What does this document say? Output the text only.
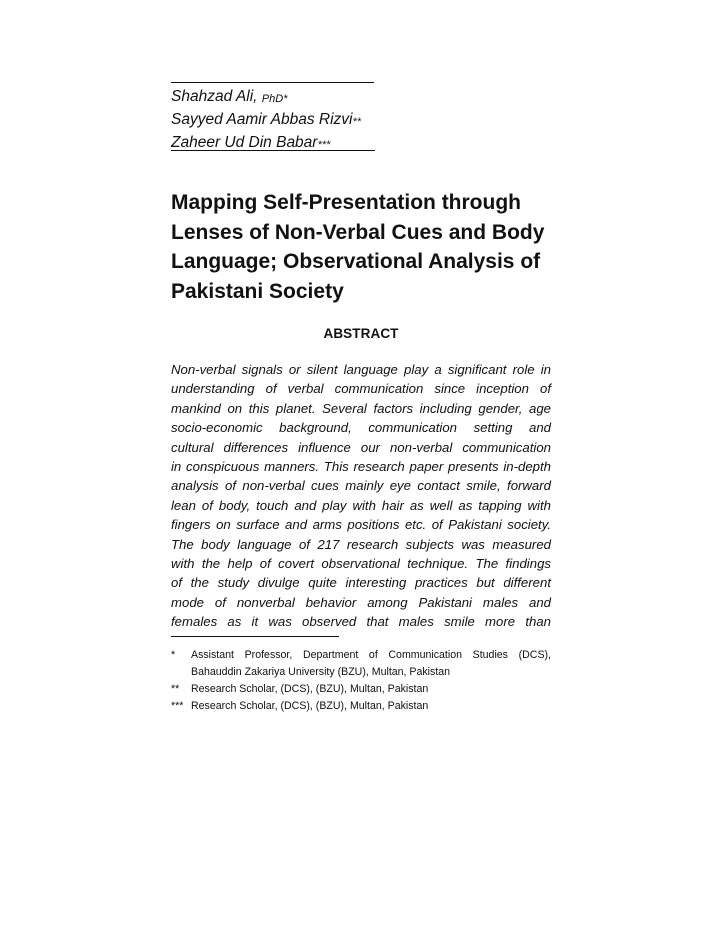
Shahzad Ali, $^{PhD*}$
Sayyed Aamir Abbas Rizvi**
Zaheer Ud Din Babar***
Mapping Self-Presentation through
Lenses of Non-Verbal Cues and Body
Language; Observational Analysis of
Pakistani Society
ABSTRACT
Non-verbal signals or silent language play a significant role in
understanding of verbal communication since inception of
mankind on this planet. Several factors including gender, age
socio-economic background, communication setting and
cultural differences influence our non-verbal communication
in conspicuous manners. This research paper presents in-depth
analysis of non-verbal cues mainly eye contact smile, forward
lean of body, touch and play with hair as well as tapping with
fingers on surface and arms positions etc. of Pakistani society.
The body language of 217 research subjects was measured
with the help of covert observational technique. The findings
of the study divulge quite interesting practices but different
mode of nonverbal behavior among Pakistani males and
females as it was observed that males smile more than
* Assistant Professor, Department of Communication Studies (DCS),
Bahauddin Zakariya University (BZU), Multan, Pakistan
** Research Scholar, (DCS), (BZU), Multan, Pakistan
*** Research Scholar, (DCS), (BZU), Multan, Pakistan
